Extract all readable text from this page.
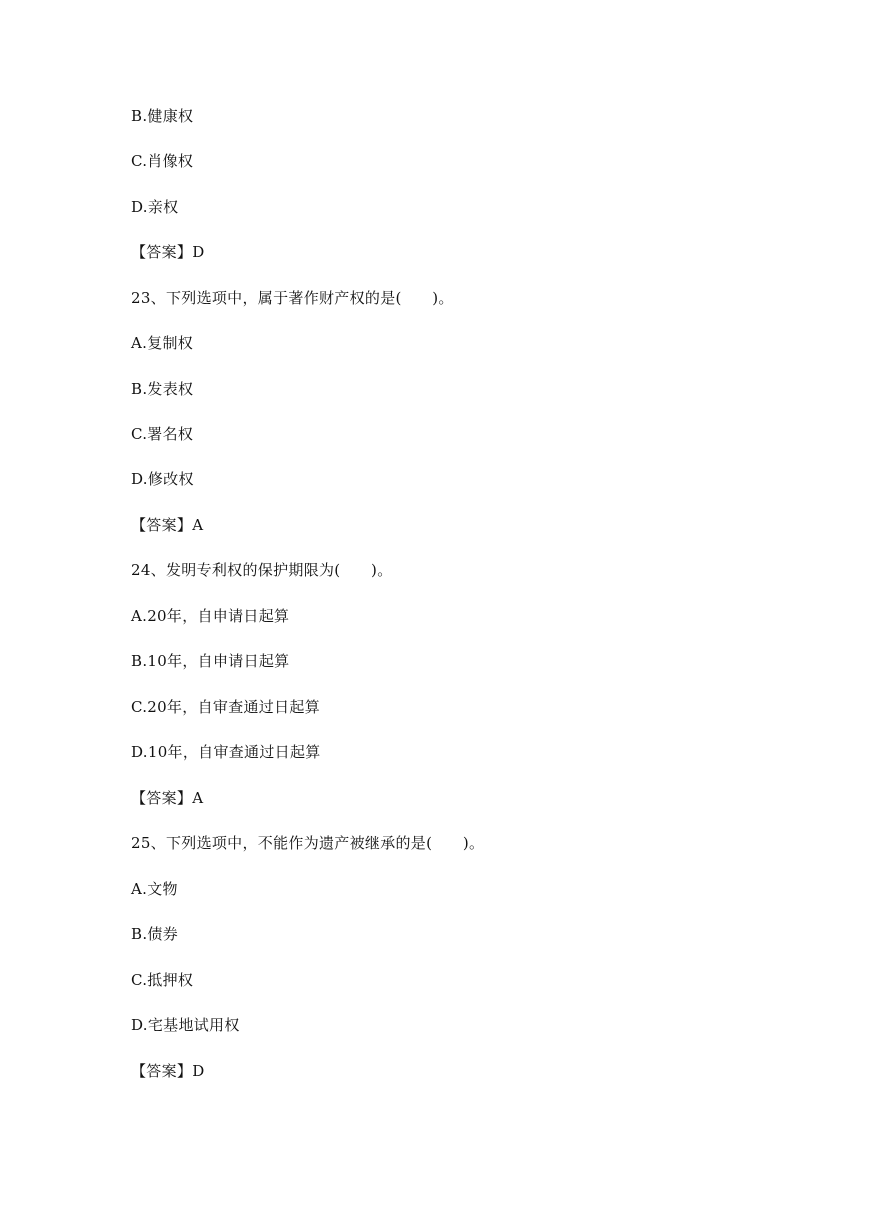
B.健康权
C.肖像权
D.亲权
【答案】D
23、下列选项中，属于著作财产权的是(　　)。
A.复制权
B.发表权
C.署名权
D.修改权
【答案】A
24、发明专利权的保护期限为(　　)。
A.20年，自申请日起算
B.10年，自申请日起算
C.20年，自审查通过日起算
D.10年，自审查通过日起算
【答案】A
25、下列选项中，不能作为遗产被继承的是(　　)。
A.文物
B.债券
C.抵押权
D.宅基地试用权
【答案】D
